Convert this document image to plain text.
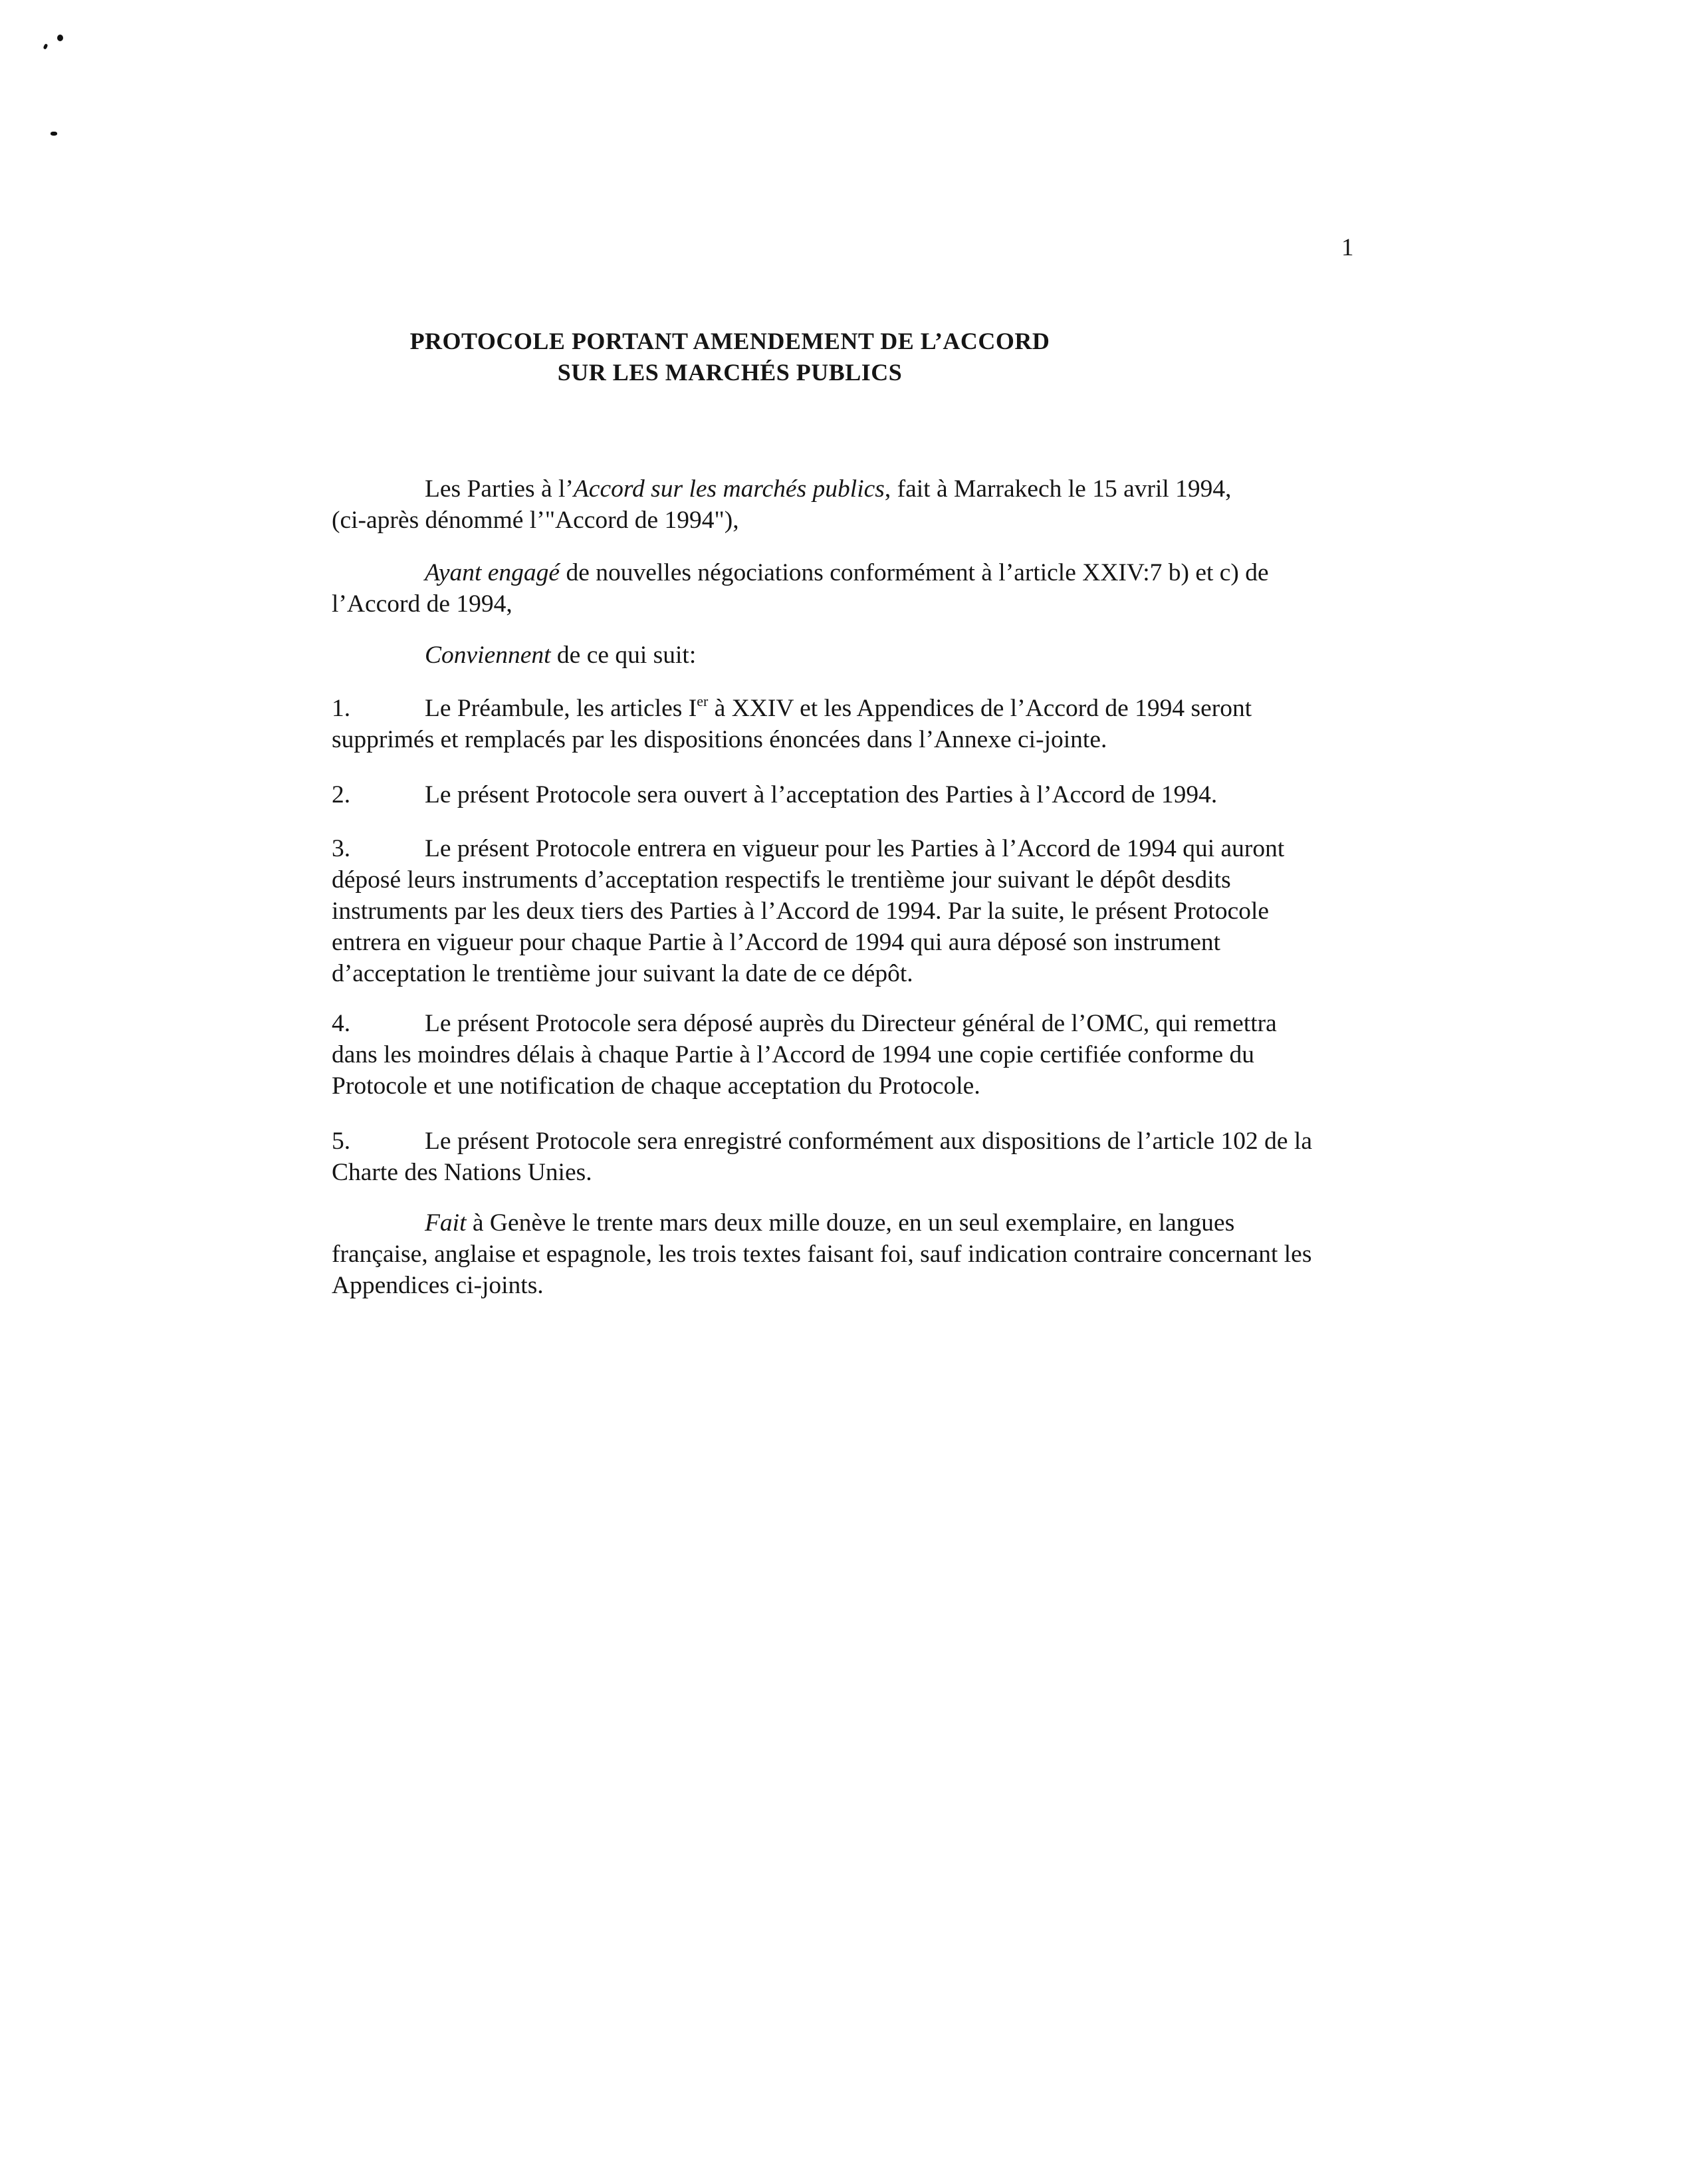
1
PROTOCOLE PORTANT AMENDEMENT DE L’ACCORD
SUR LES MARCHÉS PUBLICS
Les Parties à l’Accord sur les marchés publics, fait à Marrakech le 15 avril 1994,
(ci-après dénommé l’"Accord de 1994"),
Ayant engagé de nouvelles négociations conformément à l’article XXIV:7 b) et c) de
l’Accord de 1994,
Conviennent de ce qui suit:
1.	Le Préambule, les articles Ier à XXIV et les Appendices de l’Accord de 1994 seront
supprimés et remplacés par les dispositions énoncées dans l’Annexe ci-jointe.
2.	Le présent Protocole sera ouvert à l’acceptation des Parties à l’Accord de 1994.
3.	Le présent Protocole entrera en vigueur pour les Parties à l’Accord de 1994 qui auront
déposé leurs instruments d’acceptation respectifs le trentième jour suivant le dépôt desdits
instruments par les deux tiers des Parties à l’Accord de 1994. Par la suite, le présent Protocole
entrera en vigueur pour chaque Partie à l’Accord de 1994 qui aura déposé son instrument
d’acceptation le trentième jour suivant la date de ce dépôt.
4.	Le présent Protocole sera déposé auprès du Directeur général de l’OMC, qui remettra
dans les moindres délais à chaque Partie à l’Accord de 1994 une copie certifiée conforme du
Protocole et une notification de chaque acceptation du Protocole.
5.	Le présent Protocole sera enregistré conformément aux dispositions de l’article 102 de la
Charte des Nations Unies.
Fait à Genève le trente mars deux mille douze, en un seul exemplaire, en langues
française, anglaise et espagnole, les trois textes faisant foi, sauf indication contraire concernant les
Appendices ci-joints.
